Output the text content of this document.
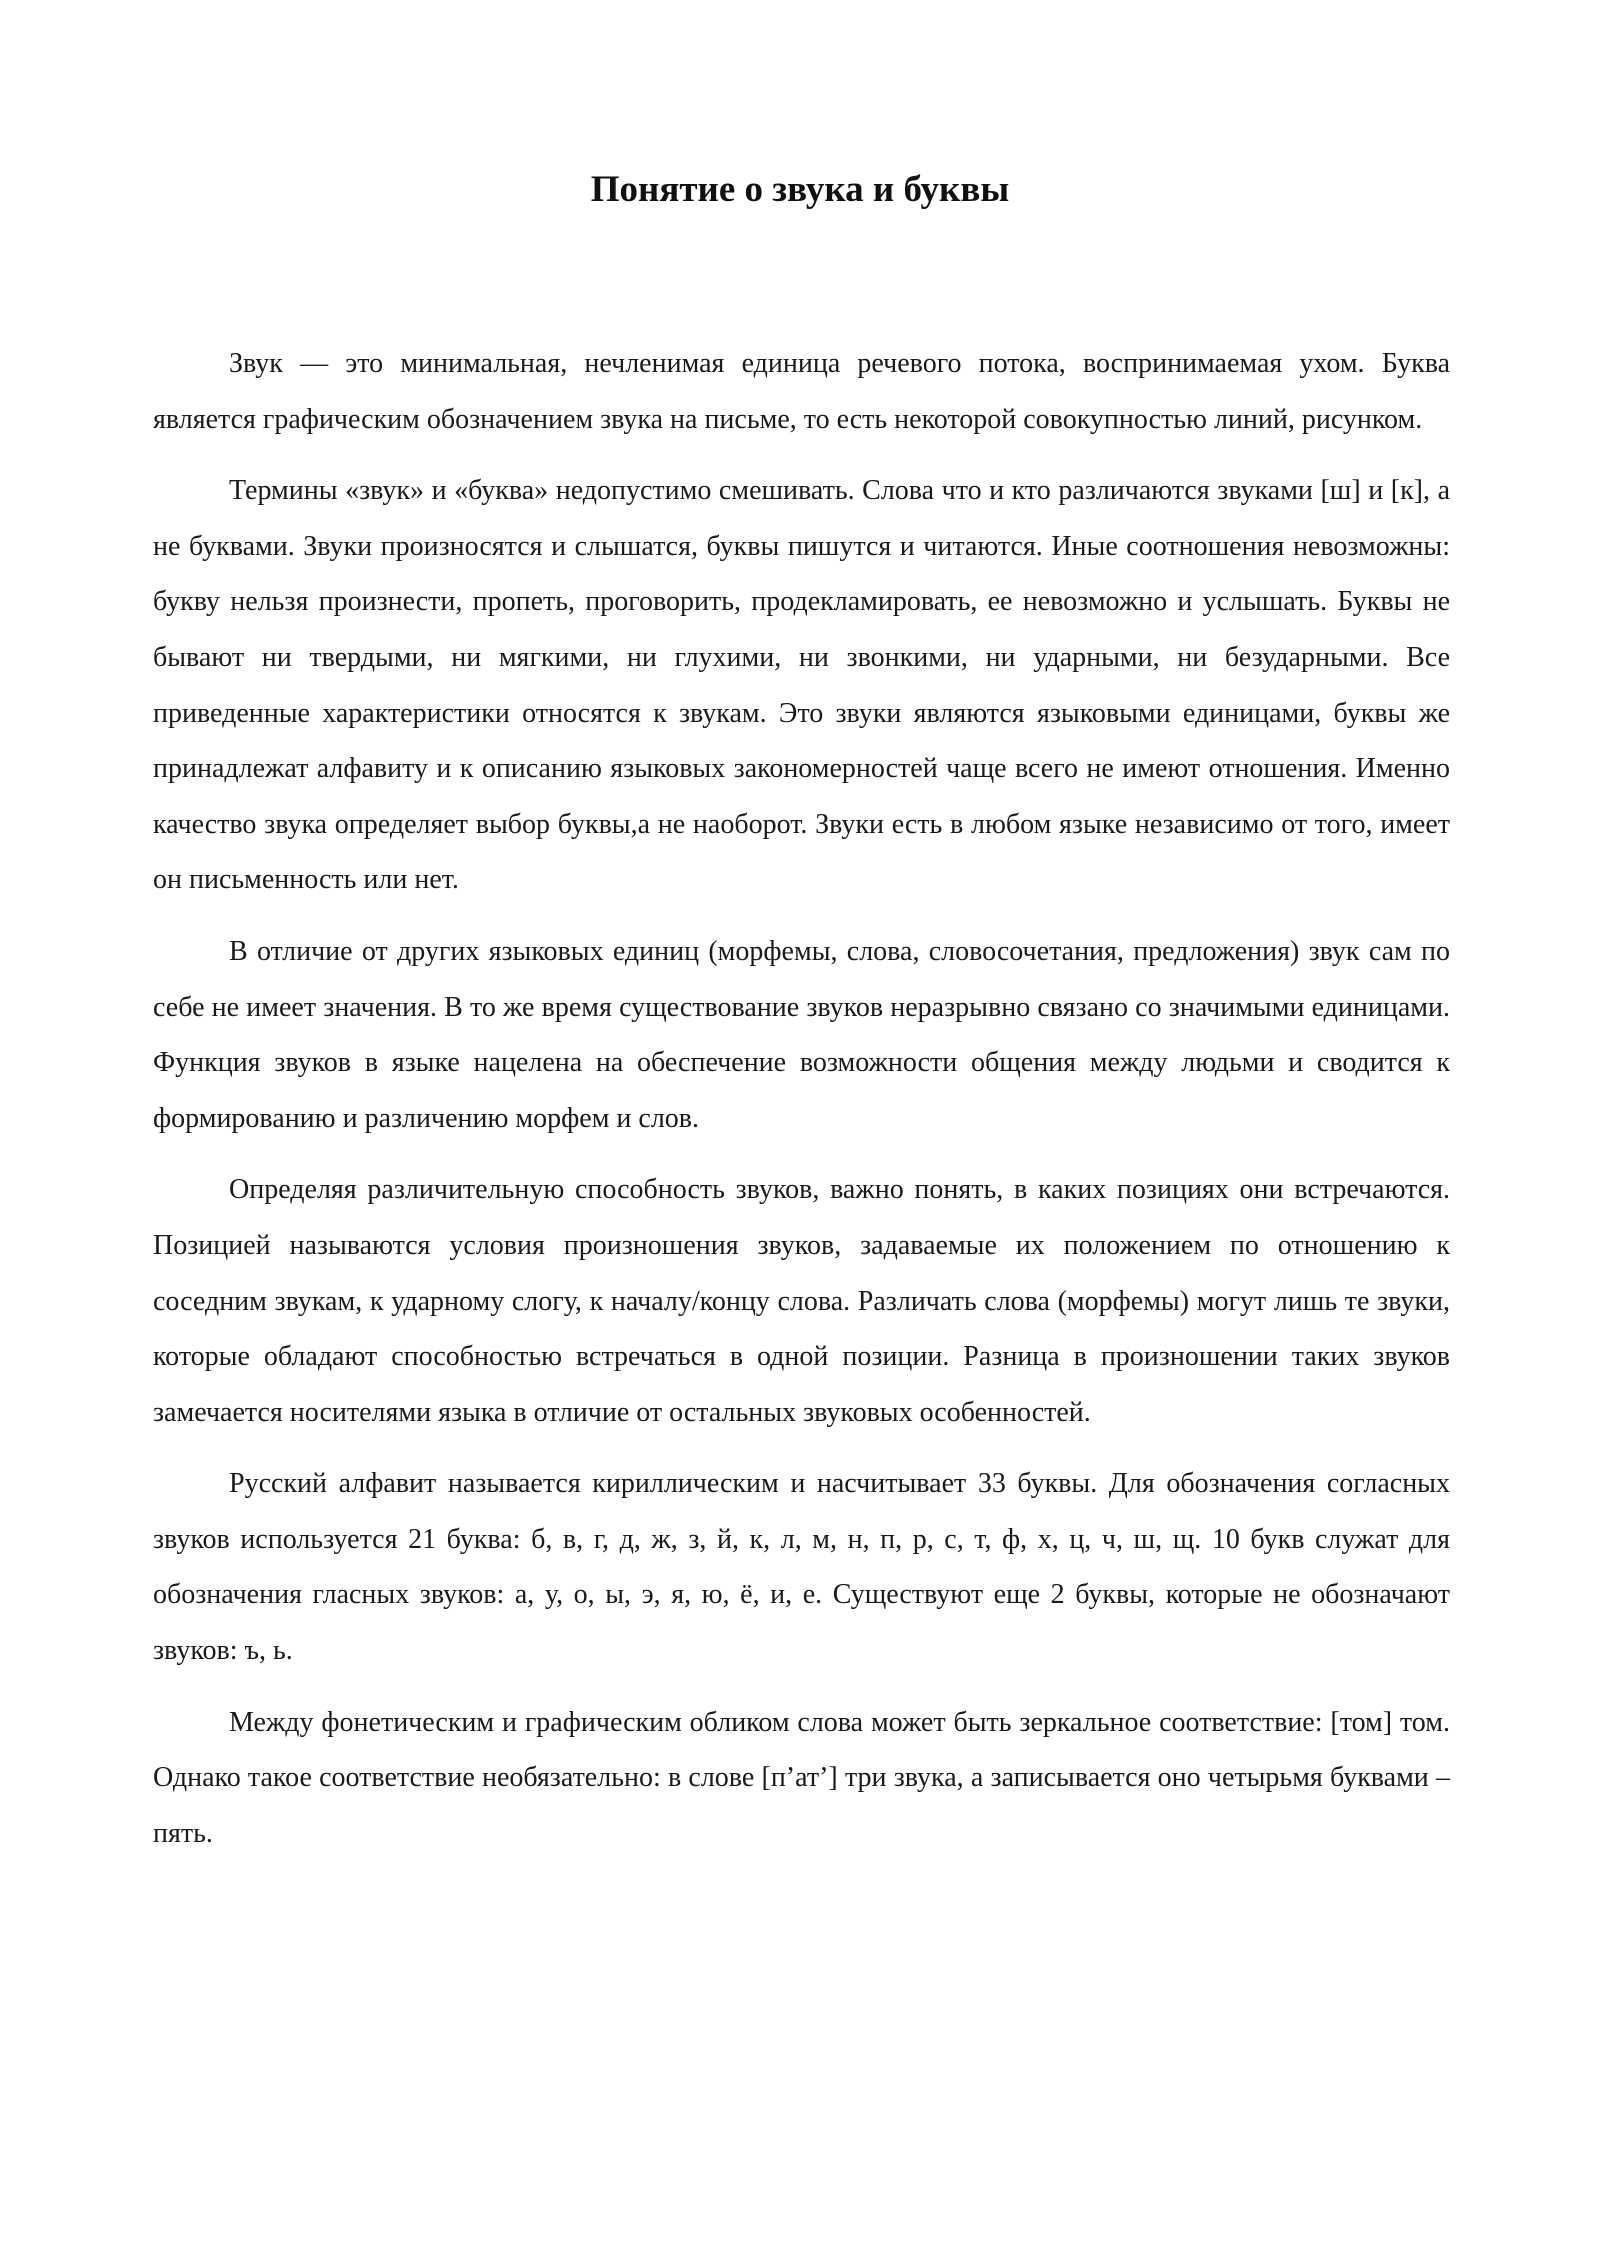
Понятие о звука и буквы

Звук — это минимальная, нечленимая единица речевого потока, воспринимаемая ухом. Буква является графическим обозначением звука на письме, то есть некоторой совокупностью линий, рисунком.

Термины «звук» и «буква» недопустимо смешивать. Слова что и кто различаются звуками [ш] и [к], а не буквами. Звуки произносятся и слышатся, буквы пишутся и читаются. Иные соотношения невозможны: букву нельзя произнести, пропеть, проговорить, продекламировать, ее невозможно и услышать. Буквы не бывают ни твердыми, ни мягкими, ни глухими, ни звонкими, ни ударными, ни безударными. Все приведенные характеристики относятся к звукам. Это звуки являются языковыми единицами, буквы же принадлежат алфавиту и к описанию языковых закономерностей чаще всего не имеют отношения. Именно качество звука определяет выбор буквы,а не наоборот. Звуки есть в любом языке независимо от того, имеет он письменность или нет.

В отличие от других языковых единиц (морфемы, слова, словосочетания, предложения) звук сам по себе не имеет значения. В то же время существование звуков неразрывно связано со значимыми единицами. Функция звуков в языке нацелена на обеспечение возможности общения между людьми и сводится к формированию и различению морфем и слов.

Определяя различительную способность звуков, важно понять, в каких позициях они встречаются. Позицией называются условия произношения звуков, задаваемые их положением по отношению к соседним звукам, к ударному слогу, к началу/концу слова. Различать слова (морфемы) могут лишь те звуки, которые обладают способностью встречаться в одной позиции. Разница в произношении таких звуков замечается носителями языка в отличие от остальных звуковых особенностей.

Русский алфавит называется кириллическим и насчитывает 33 буквы. Для обозначения согласных звуков используется 21 буква: б, в, г, д, ж, з, й, к, л, м, н, п, р, с, т, ф, х, ц, ч, ш, щ. 10 букв служат для обозначения гласных звуков: а, у, о, ы, э, я, ю, ё, и, е. Существуют еще 2 буквы, которые не обозначают звуков: ъ, ь.

Между фонетическим и графическим обликом слова может быть зеркальное соответствие: [том] том. Однако такое соответствие необязательно: в слове [п’ат’] три звука, а записывается оно четырьмя буквами – пять.
